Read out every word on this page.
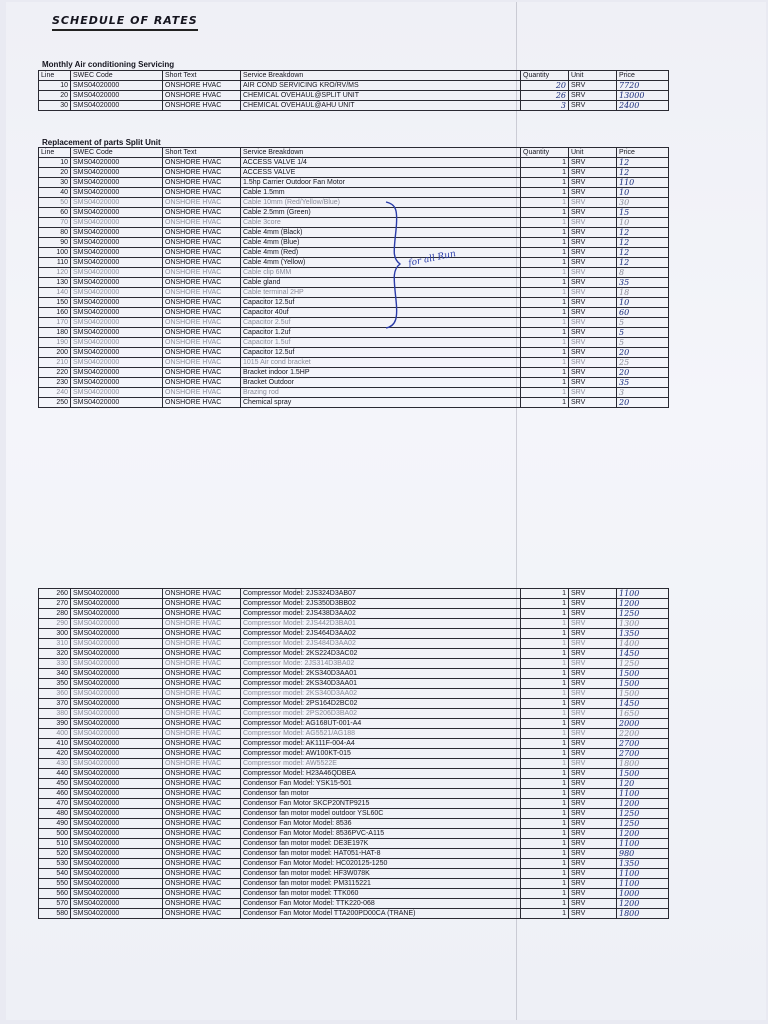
SCHEDULE OF RATES
Monthly Air conditioning Servicing
Line	SWEC Code	Short Text	Service Breakdown	Quantity	Unit	Price
10	SMS04020000	ONSHORE HVAC	AIR COND SERVICING KRO/RV/MS	20	SRV	7720
20	SMS04020000	ONSHORE HVAC	CHEMICAL OVEHAUL@SPLIT UNIT	26	SRV	13000
30	SMS04020000	ONSHORE HVAC	CHEMICAL OVEHAUL@AHU UNIT	3	SRV	2400
Replacement of parts Split Unit
Line	SWEC Code	Short Text	Service Breakdown	Quantity	Unit	Price
10	SMS04020000	ONSHORE HVAC	ACCESS VALVE 1/4	1	SRV	12
20	SMS04020000	ONSHORE HVAC	ACCESS VALVE	1	SRV	12
30	SMS04020000	ONSHORE HVAC	1.5hp Carrier Outdoor Fan Motor	1	SRV	110
40	SMS04020000	ONSHORE HVAC	Cable 1.5mm	1	SRV	10
50	SMS04020000	ONSHORE HVAC	Cable 10mm (Red/Yellow/Blue)	1	SRV	30
60	SMS04020000	ONSHORE HVAC	Cable 2.5mm (Green)	1	SRV	15
70	SMS04020000	ONSHORE HVAC	Cable 3core	1	SRV	10
80	SMS04020000	ONSHORE HVAC	Cable 4mm (Black)	1	SRV	12
90	SMS04020000	ONSHORE HVAC	Cable 4mm (Blue)	1	SRV	12
100	SMS04020000	ONSHORE HVAC	Cable 4mm (Red)	1	SRV	12
110	SMS04020000	ONSHORE HVAC	Cable 4mm (Yellow)	1	SRV	12
120	SMS04020000	ONSHORE HVAC	Cable clip 6MM	1	SRV	8
130	SMS04020000	ONSHORE HVAC	Cable gland	1	SRV	35
140	SMS04020000	ONSHORE HVAC	Cable terminal 2HP	1	SRV	18
150	SMS04020000	ONSHORE HVAC	Capacitor 12.5uf	1	SRV	10
160	SMS04020000	ONSHORE HVAC	Capacitor 40uf	1	SRV	60
170	SMS04020000	ONSHORE HVAC	Capacitor 2.5uf	1	SRV	5
180	SMS04020000	ONSHORE HVAC	Capacitor 1.2uf	1	SRV	5
190	SMS04020000	ONSHORE HVAC	Capacitor 1.5uf	1	SRV	5
200	SMS04020000	ONSHORE HVAC	Capacitor 12.5uf	1	SRV	20
210	SMS04020000	ONSHORE HVAC	1015 Air cond bracket	1	SRV	25
220	SMS04020000	ONSHORE HVAC	Bracket indoor 1.5HP	1	SRV	20
230	SMS04020000	ONSHORE HVAC	Bracket Outdoor	1	SRV	35
240	SMS04020000	ONSHORE HVAC	Brazing rod	1	SRV	3
250	SMS04020000	ONSHORE HVAC	Chemical spray	1	SRV	20
for all Run
260	SMS04020000	ONSHORE HVAC	Compressor Model: 2JS324D3AB07	1	SRV	1100
270	SMS04020000	ONSHORE HVAC	Compressor Model: 2JS350D3BB02	1	SRV	1200
280	SMS04020000	ONSHORE HVAC	Compressor model: 2JS438D3AA02	1	SRV	1250
290	SMS04020000	ONSHORE HVAC	Compressor Model: 2JS442D3BA01	1	SRV	1300
300	SMS04020000	ONSHORE HVAC	Compressor Model: 2JS464D3AA02	1	SRV	1350
310	SMS04020000	ONSHORE HVAC	Compressor Model: 2JS484D3AA02	1	SRV	1400
320	SMS04020000	ONSHORE HVAC	Compressor Model: 2KS224D3AC02	1	SRV	1450
330	SMS04020000	ONSHORE HVAC	Compressor Mode: 2JS314D3BA02	1	SRV	1250
340	SMS04020000	ONSHORE HVAC	Compressor Model: 2KS340D3AA01	1	SRV	1500
350	SMS04020000	ONSHORE HVAC	Compressor model: 2KS340D3AA01	1	SRV	1500
360	SMS04020000	ONSHORE HVAC	Compressor model: 2KS340D3AA02	1	SRV	1500
370	SMS04020000	ONSHORE HVAC	Compressor Model: 2PS164D2BC02	1	SRV	1450
380	SMS04020000	ONSHORE HVAC	Compressor model: 2PS206D3BA02	1	SRV	1650
390	SMS04020000	ONSHORE HVAC	Compressor Model: AG168UT-001-A4	1	SRV	2000
400	SMS04020000	ONSHORE HVAC	Compressor Model: AG5521/AG188	1	SRV	2200
410	SMS04020000	ONSHORE HVAC	Compressor model: AK111F-004-A4	1	SRV	2700
420	SMS04020000	ONSHORE HVAC	Compressor model: AW100KT-015	1	SRV	2700
430	SMS04020000	ONSHORE HVAC	Compressor model: AW5522E	1	SRV	1800
440	SMS04020000	ONSHORE HVAC	Compressor Model: H23A46QDBEA	1	SRV	1500
450	SMS04020000	ONSHORE HVAC	Condensor Fan Model: YSK15-501	1	SRV	120
460	SMS04020000	ONSHORE HVAC	Condensor fan motor	1	SRV	1100
470	SMS04020000	ONSHORE HVAC	Condensor Fan Motor SKCP20NTP9215	1	SRV	1200
480	SMS04020000	ONSHORE HVAC	Condensor fan motor model outdoor YSL60C	1	SRV	1250
490	SMS04020000	ONSHORE HVAC	Condensor Fan Motor Model: 8536	1	SRV	1250
500	SMS04020000	ONSHORE HVAC	Condensor Fan Motor Model: 8536PVC-A115	1	SRV	1200
510	SMS04020000	ONSHORE HVAC	Condensor fan motor model: DE3E197K	1	SRV	1100
520	SMS04020000	ONSHORE HVAC	Condensor fan motor model: HAT051-HAT-8	1	SRV	980
530	SMS04020000	ONSHORE HVAC	Condensor Fan Motor Model: HC020125-1250	1	SRV	1350
540	SMS04020000	ONSHORE HVAC	Condensor fan motor model: HF3W078K	1	SRV	1100
550	SMS04020000	ONSHORE HVAC	Condensor fan motor model: PM3115221	1	SRV	1100
560	SMS04020000	ONSHORE HVAC	Condensor fan motor model: TTK060	1	SRV	1000
570	SMS04020000	ONSHORE HVAC	Condensor Fan Motor Model: TTK220-068	1	SRV	1200
580	SMS04020000	ONSHORE HVAC	Condensor Fan Motor Model TTA200PD00CA (TRANE)	1	SRV	1800
